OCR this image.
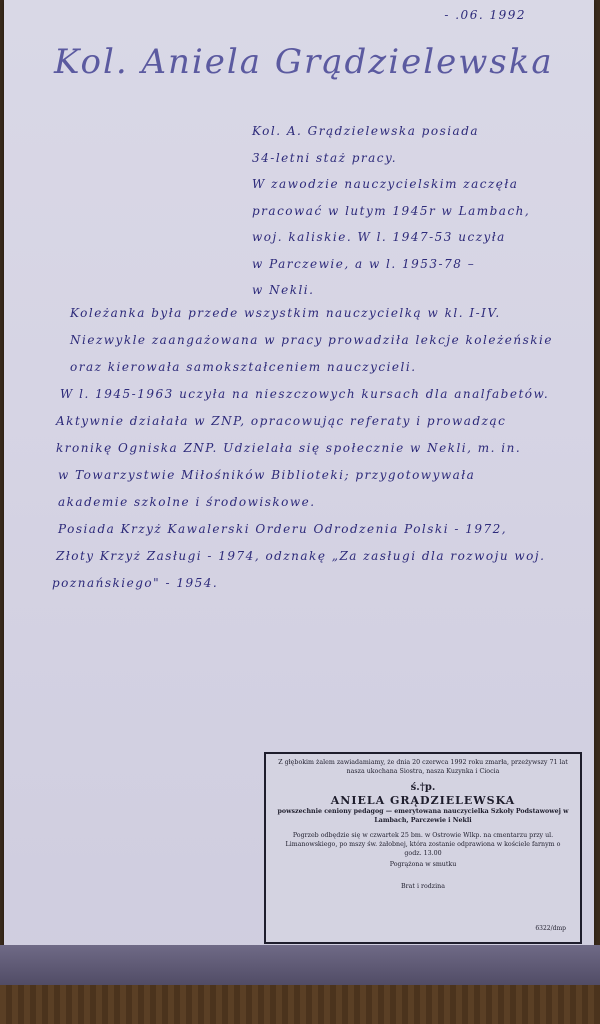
- .06. 1992
Kol. Aniela Grądzielewska
Kol. A. Grądzielewska posiada
34-letni staż pracy.
W zawodzie nauczycielskim zaczęła
pracować w lutym 1945r w Lambach,
woj. kaliskie. W l. 1947-53 uczyła
w Parczewie, a w l. 1953-78 –
w Nekli.
Koleżanka była przede wszystkim nauczycielką w kl. I-IV.
Niezwykle zaangażowana w pracy prowadziła lekcje koleżeńskie
oraz kierowała samokształceniem nauczycieli.
W l. 1945-1963 uczyła na nieszczowych kursach dla analfabetów.
Aktywnie działała w ZNP, opracowując referaty i prowadząc
kronikę Ogniska ZNP. Udzielała się społecznie w Nekli, m. in.
w Towarzystwie Miłośników Biblioteki; przygotowywała
akademie szkolne i środowiskowe.
Posiada Krzyż Kawalerski Orderu Odrodzenia Polski - 1972,
Złoty Krzyż Zasługi - 1974, odznakę „Za zasługi dla rozwoju woj.
poznańskiego" - 1954.
Z głębokim żalem zawiadamiamy, że dnia 20 czerwca 1992 roku zmarła, przeżywszy 71 lat nasza ukochana Siostra, nasza Kuzynka i Ciocia
ś.†p.
ANIELA GRĄDZIELEWSKA
powszechnie ceniony pedagog — emerytowana nauczycielka Szkoły Podstawowej w Lambach, Parczewie i Nekli
Pogrzeb odbędzie się w czwartek 25 bm. w Ostrowie Wlkp. na cmentarzu przy ul. Limanowskiego, po mszy św. żałobnej, która zostanie odprawiona w kościele farnym o godz. 13.00
Pogrążona w smutku
Brat i rodzina
6322/dmp
